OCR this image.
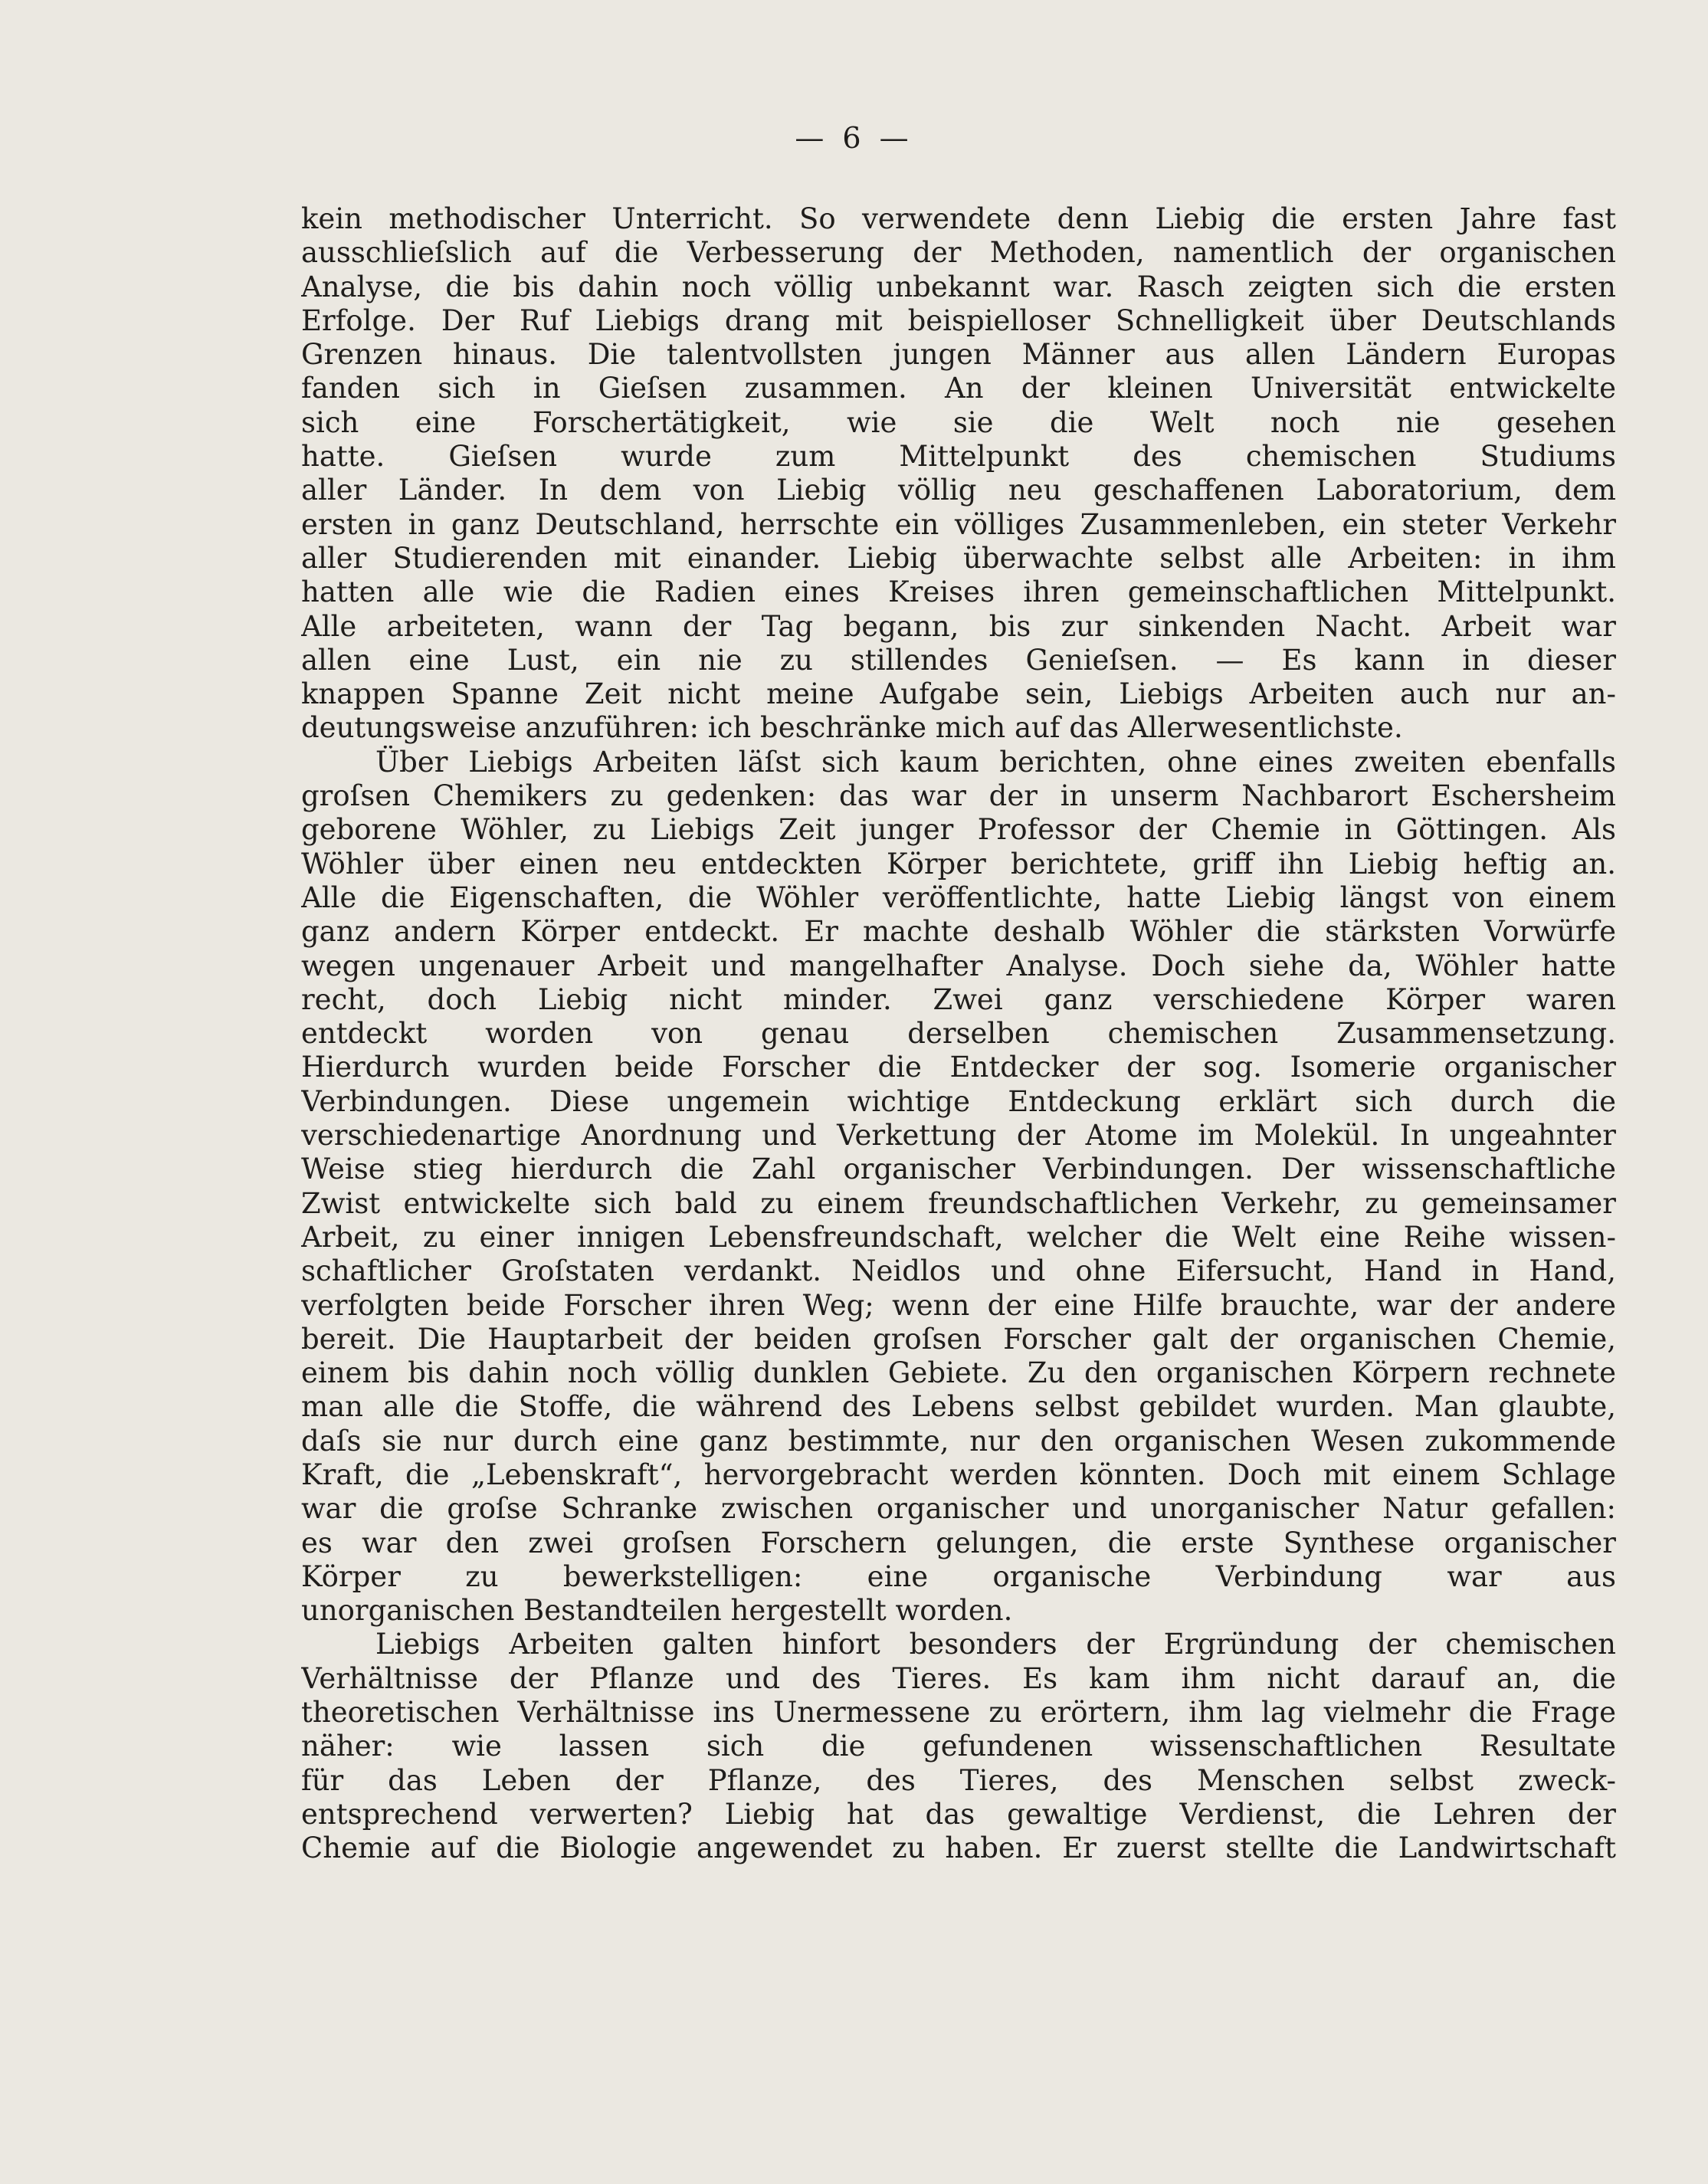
— 6 —
kein methodischer Unterricht. So verwendete denn Liebig die ersten Jahre fast
ausschlieſslich auf die Verbesserung der Methoden, namentlich der organischen
Analyse, die bis dahin noch völlig unbekannt war. Rasch zeigten sich die ersten
Erfolge. Der Ruf Liebigs drang mit beispielloser Schnelligkeit über Deutschlands
Grenzen hinaus. Die talentvollsten jungen Männer aus allen Ländern Europas
fanden sich in Gieſsen zusammen. An der kleinen Universität entwickelte
sich eine Forschertätigkeit, wie sie die Welt noch nie gesehen
hatte. Gieſsen wurde zum Mittelpunkt des chemischen Studiums
aller Länder. In dem von Liebig völlig neu geschaffenen Laboratorium, dem
ersten in ganz Deutschland, herrschte ein völliges Zusammenleben, ein steter Verkehr
aller Studierenden mit einander. Liebig überwachte selbst alle Arbeiten: in ihm
hatten alle wie die Radien eines Kreises ihren gemeinschaftlichen Mittelpunkt.
Alle arbeiteten, wann der Tag begann, bis zur sinkenden Nacht. Arbeit war
allen eine Lust, ein nie zu stillendes Genieſsen. — Es kann in dieser
knappen Spanne Zeit nicht meine Aufgabe sein, Liebigs Arbeiten auch nur an-
deutungsweise anzuführen: ich beschränke mich auf das Allerwesentlichste.
Über Liebigs Arbeiten läſst sich kaum berichten, ohne eines zweiten ebenfalls
groſsen Chemikers zu gedenken: das war der in unserm Nachbarort Eschersheim
geborene Wöhler, zu Liebigs Zeit junger Professor der Chemie in Göttingen. Als
Wöhler über einen neu entdeckten Körper berichtete, griff ihn Liebig heftig an.
Alle die Eigenschaften, die Wöhler veröffentlichte, hatte Liebig längst von einem
ganz andern Körper entdeckt. Er machte deshalb Wöhler die stärksten Vorwürfe
wegen ungenauer Arbeit und mangelhafter Analyse. Doch siehe da, Wöhler hatte
recht, doch Liebig nicht minder. Zwei ganz verschiedene Körper waren
entdeckt worden von genau derselben chemischen Zusammensetzung.
Hierdurch wurden beide Forscher die Entdecker der sog. Isomerie organischer
Verbindungen. Diese ungemein wichtige Entdeckung erklärt sich durch die
verschiedenartige Anordnung und Verkettung der Atome im Molekül. In ungeahnter
Weise stieg hierdurch die Zahl organischer Verbindungen. Der wissenschaftliche
Zwist entwickelte sich bald zu einem freundschaftlichen Verkehr, zu gemeinsamer
Arbeit, zu einer innigen Lebensfreundschaft, welcher die Welt eine Reihe wissen-
schaftlicher Groſstaten verdankt. Neidlos und ohne Eifersucht, Hand in Hand,
verfolgten beide Forscher ihren Weg; wenn der eine Hilfe brauchte, war der andere
bereit. Die Hauptarbeit der beiden groſsen Forscher galt der organischen Chemie,
einem bis dahin noch völlig dunklen Gebiete. Zu den organischen Körpern rechnete
man alle die Stoffe, die während des Lebens selbst gebildet wurden. Man glaubte,
daſs sie nur durch eine ganz bestimmte, nur den organischen Wesen zukommende
Kraft, die „Lebenskraft“, hervorgebracht werden könnten. Doch mit einem Schlage
war die groſse Schranke zwischen organischer und unorganischer Natur gefallen:
es war den zwei groſsen Forschern gelungen, die erste Synthese organischer
Körper zu bewerkstelligen: eine organische Verbindung war aus
unorganischen Bestandteilen hergestellt worden.
Liebigs Arbeiten galten hinfort besonders der Ergründung der chemischen
Verhältnisse der Pflanze und des Tieres. Es kam ihm nicht darauf an, die
theoretischen Verhältnisse ins Unermessene zu erörtern, ihm lag vielmehr die Frage
näher: wie lassen sich die gefundenen wissenschaftlichen Resultate
für das Leben der Pflanze, des Tieres, des Menschen selbst zweck-
entsprechend verwerten? Liebig hat das gewaltige Verdienst, die Lehren der
Chemie auf die Biologie angewendet zu haben. Er zuerst stellte die Landwirtschaft
